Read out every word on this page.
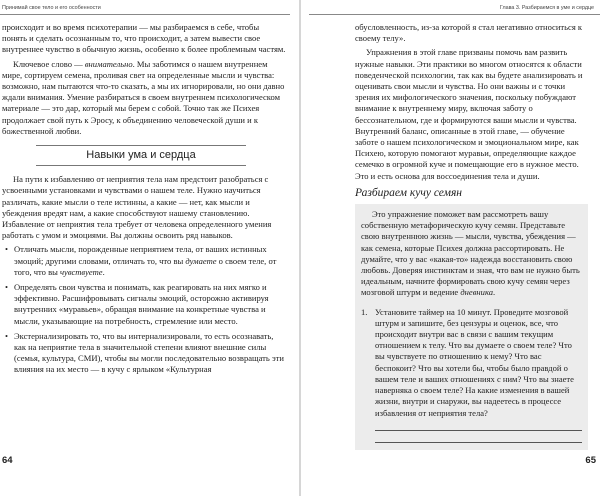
Принимай свое тело и его особенности

происходит и во время психотерапии — мы разбираемся в себе, чтобы понять и сделать осознанным то, что происходит, а затем вывести свое внутреннее чувство в обычную жизнь, особенно к более проблемным частям.

Ключевое слово — внимательно. Мы заботимся о нашем внутреннем мире, сортируем семена, проливая свет на определенные мысли и чувства: возможно, нам пытаются что-то сказать, а мы их игнорировали, но они давно ждали внимания. Умение разбираться в своем внутреннем психологическом материале — это дар, который мы берем с собой. Точно так же Психея продолжает свой путь к Эросу, к объединению человеческой души и к божественной любви.

Навыки ума и сердца

На пути к избавлению от неприятия тела нам предстоит разобраться с усвоенными установками и чувствами о нашем теле. Нужно научиться различать, какие мысли о теле истинны, а какие — нет, как мысли и убеждения вредят нам, а какие способствуют нашему становлению. Избавление от неприятия тела требует от человека определенного умения работать с умом и эмоциями. Вы должны освоить ряд навыков.

• Отличать мысли, порожденные неприятием тела, от ваших истинных эмоций; другими словами, отличать то, что вы думаете о своем теле, от того, что вы чувствуете.
• Определять свои чувства и понимать, как реагировать на них мягко и эффективно. Расшифровывать сигналы эмоций, осторожно активируя внутренних «муравьев», обращая внимание на конкретные чувства и мысли, указывающие на потребность, стремление или место.
• Экстернализировать то, что вы интернализировали, то есть осознавать, как на неприятие тела в значительной степени влияют внешние силы (семья, культура, СМИ), чтобы вы могли последовательно возвращать эти влияния на их место — в кучу с ярлыком «Культурная
64
Глава 3. Разбираемся в уме и сердце

обусловленность, из-за которой я стал негативно относиться к своему телу».

Упражнения в этой главе призваны помочь вам развить нужные навыки. Эти практики во многом относятся к области поведенческой психологии, так как вы будете анализировать и оценивать свои мысли и чувства. Но они важны и с точки зрения их мифологического значения, поскольку побуждают внимание к внутреннему миру, включая заботу о бессознательном, где и формируются ваши мысли и чувства. Внутренний баланс, описанные в этой главе, — обучение заботе о нашем психологическом и эмоциональном мире, как Психею, которую помогают муравьи, определяющие каждое семечко в огромной куче и помещающие его в нужное место. Это и есть основа для воссоединения тела и души.

Разбираем кучу семян

Это упражнение поможет вам рассмотреть вашу собственную метафорическую кучу семян. Представьте свою внутреннюю жизнь — мысли, чувства, убеждения — как семена, которые Психея должна рассортировать. Не думайте, что у вас «какая-то» надежда восстановить свою любовь. Доверяя инстинктам и зная, что вам не нужно быть идеальным, начните формировать свою кучу семян через мозговой штурм и ведение дневника.

1. Установите таймер на 10 минут. Проведите мозговой штурм и запишите, без цензуры и оценок, все, что происходит внутри вас в связи с вашим текущим отношением к телу. Что вы думаете о своем теле? Что вы чувствуете по отношению к нему? Что вас беспокоит? Что вы хотели бы, чтобы было правдой о вашем теле и ваших отношениях с ним? Что вы знаете наверняка о своем теле? На какие изменения в вашей жизни, внутри и снаружи, вы надеетесь в процессе избавления от неприятия тела?
65
